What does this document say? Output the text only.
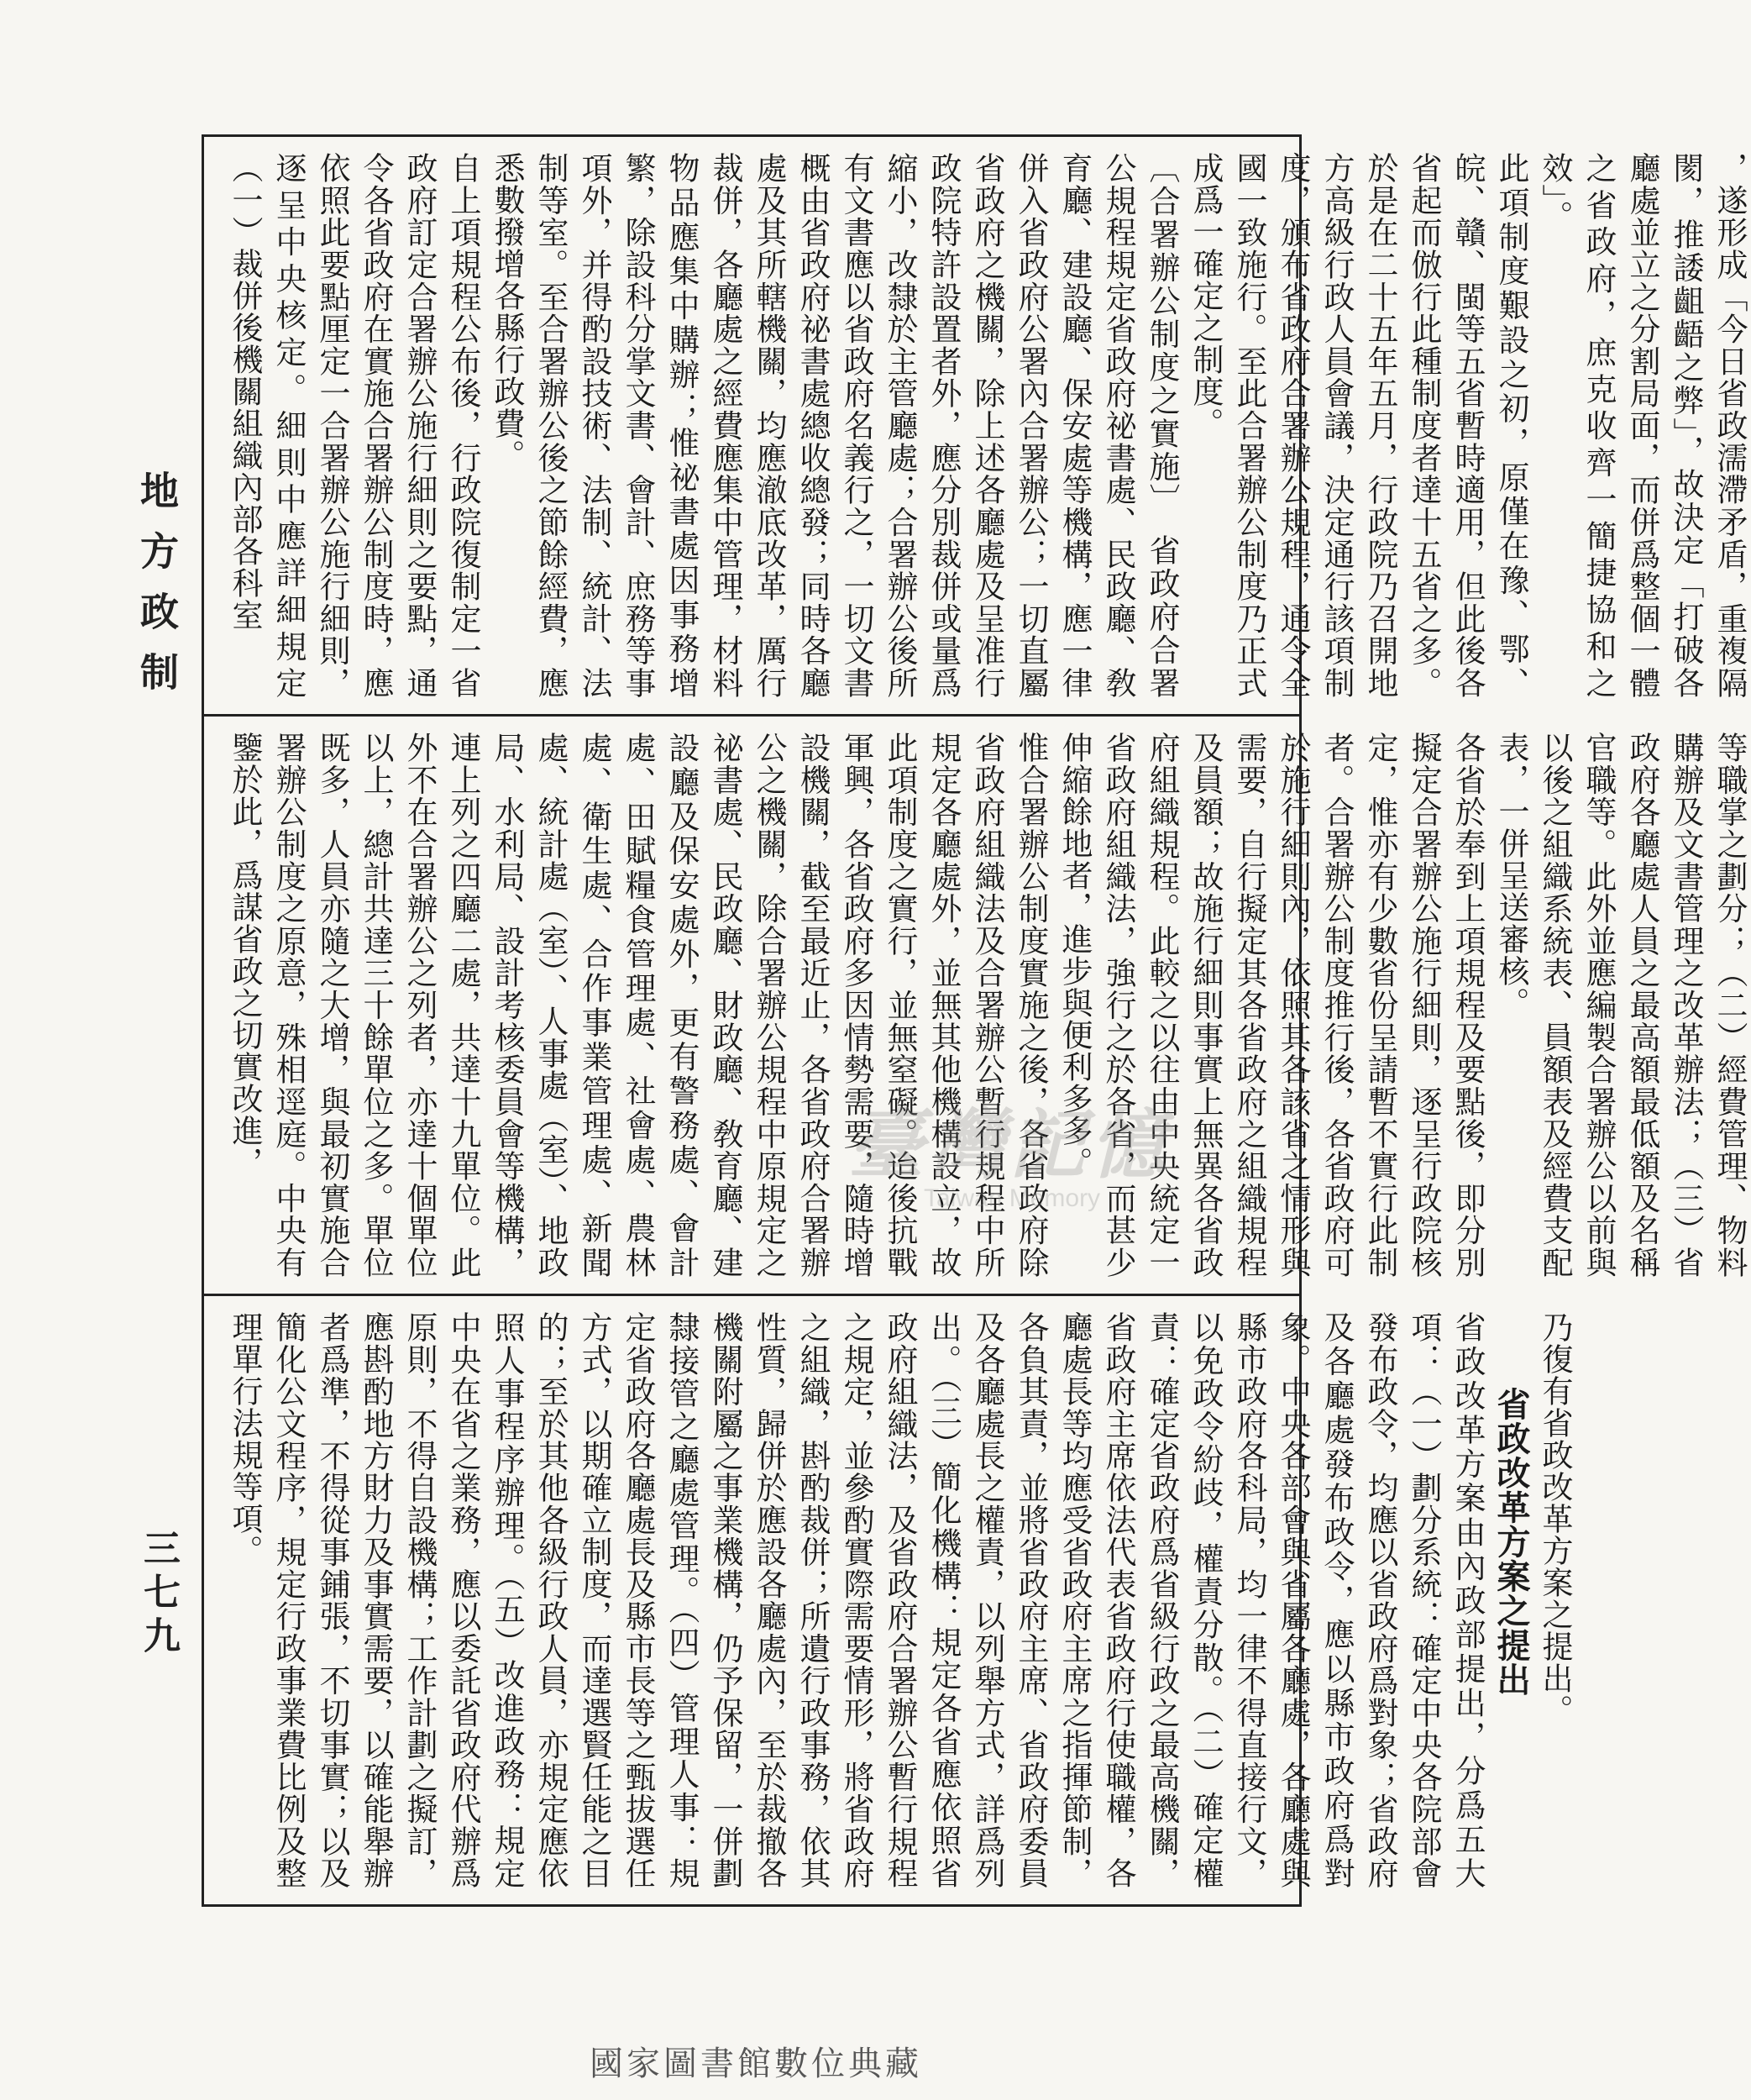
地方政制
三七九

，遂形成「今日省政濡滯矛盾，重複隔閡，推諉齟齬之弊」，故決定「打破各廳處並立之分割局面，而併爲整個一體之省政府，庶克收齊一簡捷協和之效」。

此項制度艱設之初，原僅在豫、鄂、皖、贛、閩等五省暫時適用，但此後各省起而倣行此種制度者達十五省之多。於是在二十五年五月，行政院乃召開地方高級行政人員會議，決定通行該項制度，頒布省政府合署辦公規程，通令全國一致施行。至此合署辦公制度乃正式成爲一確定之制度。

〔合署辦公制度之實施〕　省政府合署公規程規定省政府祕書處、民政廳、敎育廳、建設廳、保安處等機構，應一律併入省政府公署內合署辦公；一切直屬省政府之機關，除上述各廳處及呈准行政院特許設置者外，應分別裁併或量爲縮小，改隸於主管廳處；合署辦公後所有文書應以省政府名義行之，一切文書概由省政府祕書處總收總發；同時各廳處及其所轄機關，均應澈底改革，厲行裁併，各廳處之經費應集中管理，材料物品應集中購辦；惟祕書處因事務增繁，除設科分掌文書、會計、庶務等事項外，并得酌設技術、法制、統計、法制等室。至合署辦公後之節餘經費，應悉數撥增各縣行政費。

自上項規程公布後，行政院復制定一省政府訂定合署辦公施行細則之要點，通令各省政府在實施合署辦公制度時，應依照此要點厘定一合署辦公施行細則，逐呈中央核定。細則中應詳細規定（一）裁併後機關組織內部各科室

等職掌之劃分；（二）經費管理、物料購辦及文書管理之改革辦法；（三）省政府各廳處人員之最高額最低額及名稱官職等。此外並應編製合署辦公以前與以後之組織系統表、員額表及經費支配表，一併呈送審核。

各省於奉到上項規程及要點後，即分別擬定合署辦公施行細則，逐呈行政院核定，惟亦有少數省份呈請暫不實行此制者。合署辦公制度推行後，各省政府可於施行細則內，依照其各該省之情形與需要，自行擬定其各省政府之組織規程及員額；故施行細則事實上無異各省政府組織規程。此較之以往由中央統定一省政府組織法，強行之於各省，而甚少伸縮餘地者，進步與便利多多。

惟合署辦公制度實施之後，各省政府除省政府組織法及合署辦公暫行規程中所規定各廳處外，並無其他機構設立，故此項制度之實行，並無窒礙。迨後抗戰軍興，各省政府多因情勢需要，隨時增設機關，截至最近止，各省政府合署辦公之機關，除合署辦公規程中原規定之祕書處、民政廳、財政廳、敎育廳、建設廳及保安處外，更有警務處、會計處、田賦糧食管理處、社會處、農林處、衛生處、合作事業管理處、新聞處、統計處（室）、人事處（室）、地政局、水利局、設計考核委員會等機構，連上列之四廳二處，共達十九單位。此外不在合署辦公之列者，亦達十個單位以上，總計共達三十餘單位之多。單位既多，人員亦隨之大增，與最初實施合署辦公制度之原意，殊相逕庭。中央有鑒於此，爲謀省政之切實改進，

乃復有省政改革方案之提出。

省政改革方案之提出

省政改革方案由內政部提出，分爲五大項：（一）劃分系統：確定中央各院部會發布政令，均應以省政府爲對象；省政府及各廳處發布政令，應以縣市政府爲對象。中央各部會與省屬各廳處，各廳處與縣市政府各科局，均一律不得直接行文，以免政令紛歧，權責分散。（二）確定權責：確定省政府爲省級行政之最高機關，省政府主席依法代表省政府行使職權，各廳處長等均應受省政府主席之指揮節制，各負其責，並將省政府主席、省政府委員及各廳處長之權責，以列舉方式，詳爲列出。（三）簡化機構：規定各省應依照省政府組織法，及省政府合署辦公暫行規程之規定，並參酌實際需要情形，將省政府之組織，斟酌裁併；所遺行政事務，依其性質，歸併於應設各廳處內，至於裁撤各機關附屬之事業機構，仍予保留，一併劃隸接管之廳處管理。（四）管理人事：規定省政府各廳處長及縣市長等之甄拔選任方式，以期確立制度，而達選賢任能之目的；至於其他各級行政人員，亦規定應依照人事程序辦理。（五）改進政務：規定中央在省之業務，應以委託省政府代辦爲原則，不得自設機構；工作計劃之擬訂，應斟酌地方財力及事實需要，以確能舉辦者爲準，不得從事鋪張，不切事實；以及簡化公文程序，規定行政事業費比例及整理單行法規等項。

臺灣記憶
Taiwan Memory
國家圖書館數位典藏
